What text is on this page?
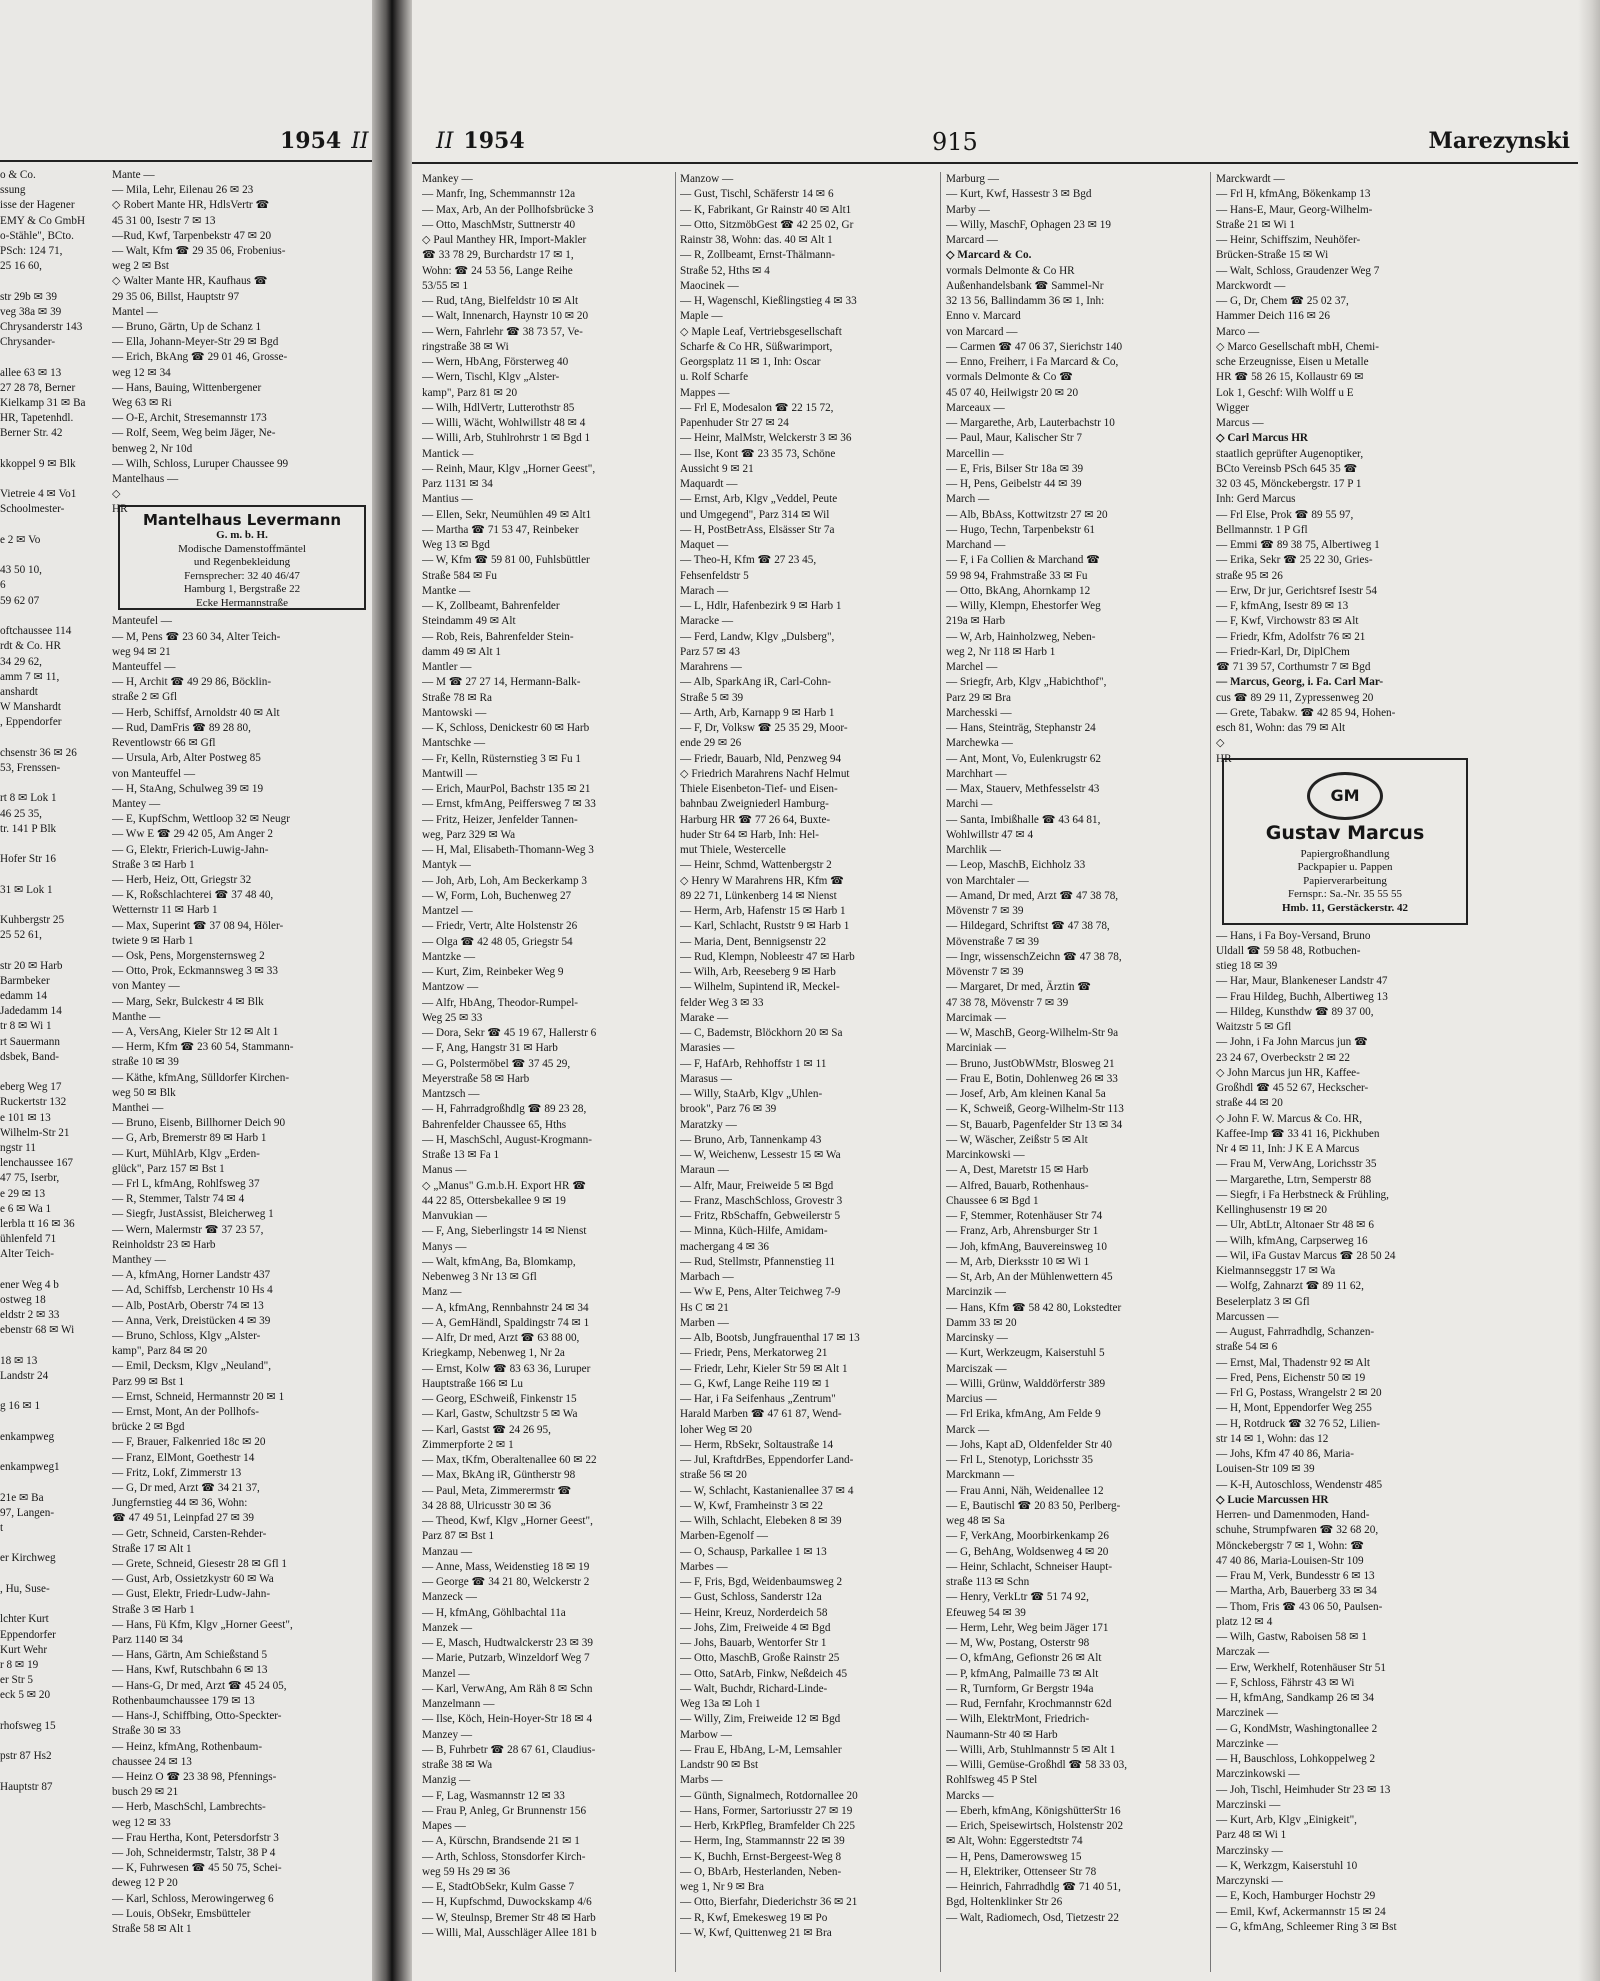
1954 II
o & Co.
ssung
isse der Hagener
EMY & Co GmbH
o-Stähle", BCto.
PSch: 124 71,
25 16 60,

str 29b ✉ 39
veg 38a ✉ 39
Chrysanderstr 143
Chrysander-

allee 63 ✉ 13
27 28 78, Berner
Kielkamp 31 ✉ Ba
HR, Tapetenhdl.
Berner Str. 42

kkoppel 9 ✉ Blk

Vietreie 4 ✉ Vo1
Schoolmester-

e 2 ✉ Vo

43 50 10,
6
59 62 07

oftchaussee 114
rdt & Co. HR
34 29 62,
amm 7 ✉ 11,
anshardt
W Manshardt
, Eppendorfer

chsenstr 36 ✉ 26
53, Frenssen-

rt 8 ✉ Lok 1
46 25 35,
tr. 141 P Blk

Hofer Str 16

31 ✉ Lok 1

Kuhbergstr 25
25 52 61,

str 20 ✉ Harb
Barmbeker
edamm 14
Jadedamm 14
tr 8 ✉ Wi 1
rt Sauermann
dsbek, Band-

eberg Weg 17
Ruckertstr 132
e 101 ✉ 13
Wilhelm-Str 21
ngstr 11
lenchaussee 167
47 75, Iserbr,
e 29 ✉ 13
e 6 ✉ Wa 1
lerbla tt 16 ✉ 36
ühlenfeld 71
Alter Teich-

ener Weg 4 b
ostweg 18
eldstr 2 ✉ 33
ebenstr 68 ✉ Wi

18 ✉ 13
Landstr 24

g 16 ✉ 1

enkampweg

enkampweg1

21e ✉ Ba
97, Langen-
t

er Kirchweg

, Hu, Suse-

lchter Kurt
Eppendorfer
Kurt Wehr
r 8 ✉ 19
er Str 5
eck 5 ✉ 20

rhofsweg 15

pstr 87 Hs2

Hauptstr 87
Mante —
— Mila, Lehr, Eilenau 26 ✉ 23
◇ Robert Mante HR, HdlsVertr ☎
45 31 00, Isestr 7 ✉ 13
—Rud, Kwf, Tarpenbekstr 47 ✉ 20
— Walt, Kfm ☎ 29 35 06, Frobenius-
weg 2 ✉ Bst
◇ Walter Mante HR, Kaufhaus ☎
29 35 06, Billst, Hauptstr 97
Mantel —
— Bruno, Gärtn, Up de Schanz 1
— Ella, Johann-Meyer-Str 29 ✉ Bgd
— Erich, BkAng ☎ 29 01 46, Grosse-
weg 12 ✉ 34
— Hans, Bauing, Wittenbergener
Weg 63 ✉ Ri
— O-E, Archit, Stresemannstr 173
— Rolf, Seem, Weg beim Jäger, Ne-
benweg 2, Nr 10d
— Wilh, Schloss, Luruper Chaussee 99
Mantelhaus —
◇
HR
Mantelhaus Levermann
G. m. b. H.
Modische Damenstoffmäntel
und Regenbekleidung
Fernsprecher: 32 40 46/47
Hamburg 1, Bergstraße 22
Ecke Hermannstraße
Manteufel —
— M, Pens ☎ 23 60 34, Alter Teich-
weg 94 ✉ 21
Manteuffel —
— H, Archit ☎ 49 29 86, Böcklin-
straße 2 ✉ Gfl
— Herb, Schiffsf, Arnoldstr 40 ✉ Alt
— Rud, DamFris ☎ 89 28 80,
Reventlowstr 66 ✉ Gfl
— Ursula, Arb, Alter Postweg 85
von Manteuffel —
— H, StaAng, Schulweg 39 ✉ 19
Mantey —
— E, KupfSchm, Wettloop 32 ✉ Neugr
— Ww E ☎ 29 42 05, Am Anger 2
— G, Elektr, Frierich-Luwig-Jahn-
Straße 3 ✉ Harb 1
— Herb, Heiz, Ott, Griegstr 32
— K, Roßschlachterei ☎ 37 48 40,
Wetternstr 11 ✉ Harb 1
— Max, Superint ☎ 37 08 94, Höler-
twiete 9 ✉ Harb 1
— Osk, Pens, Morgensternsweg 2
— Otto, Prok, Eckmannsweg 3 ✉ 33
von Mantey —
— Marg, Sekr, Bulckestr 4 ✉ Blk
Manthe —
— A, VersAng, Kieler Str 12 ✉ Alt 1
— Herm, Kfm ☎ 23 60 54, Stammann-
straße 10 ✉ 39
— Käthe, kfmAng, Sülldorfer Kirchen-
weg 50 ✉ Blk
Manthei —
— Bruno, Eisenb, Billhorner Deich 90
— G, Arb, Bremerstr 89 ✉ Harb 1
— Kurt, MühlArb, Klgv „Erden-
glück", Parz 157 ✉ Bst 1
— Frl L, kfmAng, Rohlfsweg 37
— R, Stemmer, Talstr 74 ✉ 4
— Siegfr, JustAssist, Bleicherweg 1
— Wern, Malermstr ☎ 37 23 57,
Reinholdstr 23 ✉ Harb
Manthey —
— A, kfmAng, Horner Landstr 437
— Ad, Schiffsb, Lerchenstr 10 Hs 4
— Alb, PostArb, Oberstr 74 ✉ 13
— Anna, Verk, Dreistücken 4 ✉ 39
— Bruno, Schloss, Klgv „Alster-
kamp", Parz 84 ✉ 20
— Emil, Decksm, Klgv „Neuland",
Parz 99 ✉ Bst 1
— Ernst, Schneid, Hermannstr 20 ✉ 1
— Ernst, Mont, An der Pollhofs-
brücke 2 ✉ Bgd
— F, Brauer, Falkenried 18c ✉ 20
— Franz, ElMont, Goethestr 14
— Fritz, Lokf, Zimmerstr 13
— G, Dr med, Arzt ☎ 34 21 37,
Jungfernstieg 44 ✉ 36, Wohn:
☎ 47 49 51, Leinpfad 27 ✉ 39
— Getr, Schneid, Carsten-Rehder-
Straße 17 ✉ Alt 1
— Grete, Schneid, Giesestr 28 ✉ Gfl 1
— Gust, Arb, Ossietzkystr 60 ✉ Wa
— Gust, Elektr, Friedr-Ludw-Jahn-
Straße 3 ✉ Harb 1
— Hans, Fü Kfm, Klgv „Horner Geest",
Parz 1140 ✉ 34
— Hans, Gärtn, Am Schießstand 5
— Hans, Kwf, Rutschbahn 6 ✉ 13
— Hans-G, Dr med, Arzt ☎ 45 24 05,
Rothenbaumchaussee 179 ✉ 13
— Hans-J, Schiffbing, Otto-Speckter-
Straße 30 ✉ 33
— Heinz, kfmAng, Rothenbaum-
chaussee 24 ✉ 13
— Heinz O ☎ 23 38 98, Pfennings-
busch 29 ✉ 21
— Herb, MaschSchl, Lambrechts-
weg 12 ✉ 33
— Frau Hertha, Kont, Petersdorfstr 3
— Joh, Schneidermstr, Talstr, 38 P 4
— K, Fuhrwesen ☎ 45 50 75, Schei-
deweg 12 P 20
— Karl, Schloss, Merowingerweg 6
— Louis, ObSekr, Emsbütteler
Straße 58 ✉ Alt 1
II 1954	915	Marezynski
Mankey —
— Manfr, Ing, Schemmannstr 12a
— Max, Arb, An der Pollhofsbrücke 3
— Otto, MaschMstr, Suttnerstr 40
◇ Paul Manthey HR, Import-Makler
☎ 33 78 29, Burchardstr 17 ✉ 1,
Wohn: ☎ 24 53 56, Lange Reihe
53/55 ✉ 1
— Rud, tAng, Bielfeldstr 10 ✉ Alt
— Walt, Innenarch, Haynstr 10 ✉ 20
— Wern, Fahrlehr ☎ 38 73 57, Ve-
ringstraße 38 ✉ Wi
— Wern, HbAng, Försterweg 40
— Wern, Tischl, Klgv „Alster-
kamp", Parz 81 ✉ 20
— Wilh, HdlVertr, Lutterothstr 85
— Willi, Wächt, Wohlwillstr 48 ✉ 4
— Willi, Arb, Stuhlrohrstr 1 ✉ Bgd 1
Mantick —
— Reinh, Maur, Klgv „Horner Geest",
Parz 1131 ✉ 34
Mantius —
— Ellen, Sekr, Neumühlen 49 ✉ Alt1
— Martha ☎ 71 53 47, Reinbeker
Weg 13 ✉ Bgd
— W, Kfm ☎ 59 81 00, Fuhlsbüttler
Straße 584 ✉ Fu
Mantke —
— K, Zollbeamt, Bahrenfelder
Steindamm 49 ✉ Alt
— Rob, Reis, Bahrenfelder Stein-
damm 49 ✉ Alt 1
Mantler —
— M ☎ 27 27 14, Hermann-Balk-
Straße 78 ✉ Ra
Mantowski —
— K, Schloss, Denickestr 60 ✉ Harb
Mantschke —
— Fr, Kelln, Rüsternstieg 3 ✉ Fu 1
Mantwill —
— Erich, MaurPol, Bachstr 135 ✉ 21
— Ernst, kfmAng, Peiffersweg 7 ✉ 33
— Fritz, Heizer, Jenfelder Tannen-
weg, Parz 329 ✉ Wa
— H, Mal, Elisabeth-Thomann-Weg 3
Mantyk —
— Joh, Arb, Loh, Am Beckerkamp 3
— W, Form, Loh, Buchenweg 27
Mantzel —
— Friedr, Vertr, Alte Holstenstr 26
— Olga ☎ 42 48 05, Griegstr 54
Mantzke —
— Kurt, Zim, Reinbeker Weg 9
Mantzow —
— Alfr, HbAng, Theodor-Rumpel-
Weg 25 ✉ 33
— Dora, Sekr ☎ 45 19 67, Hallerstr 6
— F, Ang, Hangstr 31 ✉ Harb
— G, Polstermöbel ☎ 37 45 29,
Meyerstraße 58 ✉ Harb
Mantzsch —
— H, Fahrradgroßhdlg ☎ 89 23 28,
Bahrenfelder Chaussee 65, Hths
— H, MaschSchl, August-Krogmann-
Straße 13 ✉ Fa 1
Manus —
◇ „Manus" G.m.b.H. Export HR ☎
44 22 85, Ottersbekallee 9 ✉ 19
Manvukian —
— F, Ang, Sieberlingstr 14 ✉ Nienst
Manys —
— Walt, kfmAng, Ba, Blomkamp,
Nebenweg 3 Nr 13 ✉ Gfl
Manz —
— A, kfmAng, Rennbahnstr 24 ✉ 34
— A, GemHändl, Spaldingstr 74 ✉ 1
— Alfr, Dr med, Arzt ☎ 63 88 00,
Kriegkamp, Nebenweg 1, Nr 2a
— Ernst, Kolw ☎ 83 63 36, Luruper
Hauptstraße 166 ✉ Lu
— Georg, ESchweiß, Finkenstr 15
— Karl, Gastw, Schultzstr 5 ✉ Wa
— Karl, Gastst ☎ 24 26 95,
Zimmerpforte 2 ✉ 1
— Max, tKfm, Oberaltenallee 60 ✉ 22
— Max, BkAng iR, Güntherstr 98
— Paul, Meta, Zimmerermstr ☎
34 28 88, Ulricusstr 30 ✉ 36
— Theod, Kwf, Klgv „Horner Geest",
Parz 87 ✉ Bst 1
Manzau —
— Anne, Mass, Weidenstieg 18 ✉ 19
— George ☎ 34 21 80, Welckerstr 2
Manzeck —
— H, kfmAng, Göhlbachtal 11a
Manzek —
— E, Masch, Hudtwalckerstr 23 ✉ 39
— Marie, Putzarb, Winzeldorf Weg 7
Manzel —
— Karl, VerwAng, Am Räh 8 ✉ Schn
Manzelmann —
— Ilse, Köch, Hein-Hoyer-Str 18 ✉ 4
Manzey —
— B, Fuhrbetr ☎ 28 67 61, Claudius-
straße 38 ✉ Wa
Manzig —
— F, Lag, Wasmannstr 12 ✉ 33
— Frau P, Anleg, Gr Brunnenstr 156
Mapes —
— A, Kürschn, Brandsende 21 ✉ 1
— Arth, Schloss, Stonsdorfer Kirch-
weg 59 Hs 29 ✉ 36
— E, StadtObSekr, Kulm Gasse 7
— H, Kupfschmd, Duwockskamp 4/6
— W, Steulnsp, Bremer Str 48 ✉ Harb
— Willi, Mal, Ausschläger Allee 181 b
Manzow —
— Gust, Tischl, Schäferstr 14 ✉ 6
— K, Fabrikant, Gr Rainstr 40 ✉ Alt1
— Otto, SitzmöbGest ☎ 42 25 02, Gr
Rainstr 38, Wohn: das. 40 ✉ Alt 1
— R, Zollbeamt, Ernst-Thälmann-
Straße 52, Hths ✉ 4
Maocinek —
— H, Wagenschl, Kießlingstieg 4 ✉ 33
Maple —
◇ Maple Leaf, Vertriebsgesellschaft
Scharfe & Co HR, Süßwarimport,
Georgsplatz 11 ✉ 1, Inh: Oscar
u. Rolf Scharfe
Mappes —
— Frl E, Modesalon ☎ 22 15 72,
Papenhuder Str 27 ✉ 24
— Heinr, MalMstr, Welckerstr 3 ✉ 36
— Ilse, Kont ☎ 23 35 73, Schöne
Aussicht 9 ✉ 21
Maquardt —
— Ernst, Arb, Klgv „Veddel, Peute
und Umgegend", Parz 314 ✉ Wil
— H, PostBetrAss, Elsässer Str 7a
Maquet —
— Theo-H, Kfm ☎ 27 23 45,
Fehsenfeldstr 5
Marach —
— L, Hdlr, Hafenbezirk 9 ✉ Harb 1
Maracke —
— Ferd, Landw, Klgv „Dulsberg",
Parz 57 ✉ 43
Marahrens —
— Alb, SparkAng iR, Carl-Cohn-
Straße 5 ✉ 39
— Arth, Arb, Karnapp 9 ✉ Harb 1
— F, Dr, Volksw ☎ 25 35 29, Moor-
ende 29 ✉ 26
— Friedr, Bauarb, Nld, Penzweg 94
◇ Friedrich Marahrens Nachf Helmut
Thiele Eisenbeton-Tief- und Eisen-
bahnbau Zweigniederl Hamburg-
Harburg HR ☎ 77 26 64, Buxte-
huder Str 64 ✉ Harb, Inh: Hel-
mut Thiele, Westercelle
— Heinr, Schmd, Wattenbergstr 2
◇ Henry W Marahrens HR, Kfm ☎
89 22 71, Lünkenberg 14 ✉ Nienst
— Herm, Arb, Hafenstr 15 ✉ Harb 1
— Karl, Schlacht, Ruststr 9 ✉ Harb 1
— Maria, Dent, Bennigsenstr 22
— Rud, Klempn, Nobleestr 47 ✉ Harb
— Wilh, Arb, Reeseberg 9 ✉ Harb
— Wilhelm, Supintend iR, Meckel-
felder Weg 3 ✉ 33
Marake —
— C, Bademstr, Blöckhorn 20 ✉ Sa
Marasies —
— F, HafArb, Rehhoffstr 1 ✉ 11
Marasus —
— Willy, StaArb, Klgv „Uhlen-
brook", Parz 76 ✉ 39
Maratzky —
— Bruno, Arb, Tannenkamp 43
— W, Weichenw, Lessestr 15 ✉ Wa
Maraun —
— Alfr, Maur, Freiweide 5 ✉ Bgd
— Franz, MaschSchloss, Grovestr 3
— Fritz, RbSchaffn, Gebweilerstr 5
— Minna, Küch-Hilfe, Amidam-
machergang 4 ✉ 36
— Rud, Stellmstr, Pfannenstieg 11
Marbach —
— Ww E, Pens, Alter Teichweg 7-9
Hs C ✉ 21
Marben —
— Alb, Bootsb, Jungfrauenthal 17 ✉ 13
— Friedr, Pens, Merkatorweg 21
— Friedr, Lehr, Kieler Str 59 ✉ Alt 1
— G, Kwf, Lange Reihe 119 ✉ 1
— Har, i Fa Seifenhaus „Zentrum"
Harald Marben ☎ 47 61 87, Wend-
loher Weg ✉ 20
— Herm, RbSekr, Soltaustraße 14
— Jul, KraftdrBes, Eppendorfer Land-
straße 56 ✉ 20
— W, Schlacht, Kastanienallee 37 ✉ 4
— W, Kwf, Framheinstr 3 ✉ 22
— Wilh, Schlacht, Elebeken 8 ✉ 39
Marben-Egenolf —
— O, Schausp, Parkallee 1 ✉ 13
Marbes —
— F, Fris, Bgd, Weidenbaumsweg 2
— Gust, Schloss, Sanderstr 12a
— Heinr, Kreuz, Norderdeich 58
— Johs, Zim, Freiweide 4 ✉ Bgd
— Johs, Bauarb, Wentorfer Str 1
— Otto, MaschB, Große Rainstr 25
— Otto, SatArb, Finkw, Neßdeich 45
— Walt, Buchdr, Richard-Linde-
Weg 13a ✉ Loh 1
— Willy, Zim, Freiweide 12 ✉ Bgd
Marbow —
— Frau E, HbAng, L-M, Lemsahler
Landstr 90 ✉ Bst
Marbs —
— Günth, Signalmech, Rotdornallee 20
— Hans, Former, Sartoriusstr 27 ✉ 19
— Herb, KrkPfleg, Bramfelder Ch 225
— Herm, Ing, Stammannstr 22 ✉ 39
— K, Buchh, Ernst-Bergeest-Weg 8
— O, BbArb, Hesterlanden, Neben-
weg 1, Nr 9 ✉ Bra
— Otto, Bierfahr, Diederichstr 36 ✉ 21
— R, Kwf, Emekesweg 19 ✉ Po
— W, Kwf, Quittenweg 21 ✉ Bra
Marburg —
— Kurt, Kwf, Hassestr 3 ✉ Bgd
Marby —
— Willy, MaschF, Ophagen 23 ✉ 19
Marcard —
◇ Marcard & Co.
vormals Delmonte & Co HR
Außenhandelsbank ☎ Sammel-Nr
32 13 56, Ballindamm 36 ✉ 1, Inh:
Enno v. Marcard
von Marcard —
— Carmen ☎ 47 06 37, Sierichstr 140
— Enno, Freiherr, i Fa Marcard & Co,
vormals Delmonte & Co ☎
45 07 40, Heilwigstr 20 ✉ 20
Marceaux —
— Margarethe, Arb, Lauterbachstr 10
— Paul, Maur, Kalischer Str 7
Marcellin —
— E, Fris, Bilser Str 18a ✉ 39
— H, Pens, Geibelstr 44 ✉ 39
March —
— Alb, BbAss, Kottwitzstr 27 ✉ 20
— Hugo, Techn, Tarpenbekstr 61
Marchand —
— F, i Fa Collien & Marchand ☎
59 98 94, Frahmstraße 33 ✉ Fu
— Otto, BkAng, Ahornkamp 12
— Willy, Klempn, Ehestorfer Weg
219a ✉ Harb
— W, Arb, Hainholzweg, Neben-
weg 2, Nr 118 ✉ Harb 1
Marchel —
— Sriegfr, Arb, Klgv „Habichthof",
Parz 29 ✉ Bra
Marchesski —
— Hans, Steinträg, Stephanstr 24
Marchewka —
— Ant, Mont, Vo, Eulenkrugstr 62
Marchhart —
— Max, Stauerv, Methfesselstr 43
Marchi —
— Santa, Imbißhalle ☎ 43 64 81,
Wohlwillstr 47 ✉ 4
Marchlik —
— Leop, MaschB, Eichholz 33
von Marchtaler —
— Amand, Dr med, Arzt ☎ 47 38 78,
Mövenstr 7 ✉ 39
— Hildegard, Schriftst ☎ 47 38 78,
Mövenstraße 7 ✉ 39
— Ingr, wissenschZeichn ☎ 47 38 78,
Mövenstr 7 ✉ 39
— Margaret, Dr med, Ärztin ☎
47 38 78, Mövenstr 7 ✉ 39
Marcimak —
— W, MaschB, Georg-Wilhelm-Str 9a
Marciniak —
— Bruno, JustObWMstr, Blosweg 21
— Frau E, Botin, Dohlenweg 26 ✉ 33
— Josef, Arb, Am kleinen Kanal 5a
— K, Schweiß, Georg-Wilhelm-Str 113
— St, Bauarb, Pagenfelder Str 13 ✉ 34
— W, Wäscher, Zeißstr 5 ✉ Alt
Marcinkowski —
— A, Dest, Maretstr 15 ✉ Harb
— Alfred, Bauarb, Rothenhaus-
Chaussee 6 ✉ Bgd 1
— F, Stemmer, Rotenhäuser Str 74
— Franz, Arb, Ahrensburger Str 1
— Joh, kfmAng, Bauvereinsweg 10
— M, Arb, Dierksstr 10 ✉ Wi 1
— St, Arb, An der Mühlenwettern 45
Marcinzik —
— Hans, Kfm ☎ 58 42 80, Lokstedter
Damm 33 ✉ 20
Marcinsky —
— Kurt, Werkzeugm, Kaiserstuhl 5
Marciszak —
— Willi, Grünw, Walddörferstr 389
Marcius —
— Frl Erika, kfmAng, Am Felde 9
Marck —
— Johs, Kapt aD, Oldenfelder Str 40
— Frl L, Stenotyp, Lorichsstr 35
Marckmann —
— Frau Anni, Näh, Weidenallee 12
— E, Bautischl ☎ 20 83 50, Perlberg-
weg 48 ✉ Sa
— F, VerkAng, Moorbirkenkamp 26
— G, BehAng, Woldsenweg 4 ✉ 20
— Heinr, Schlacht, Schneiser Haupt-
straße 113 ✉ Schn
— Henry, VerkLtr ☎ 51 74 92,
Efeuweg 54 ✉ 39
— Herm, Lehr, Weg beim Jäger 171
— M, Ww, Postang, Osterstr 98
— O, kfmAng, Gefionstr 26 ✉ Alt
— P, kfmAng, Palmaille 73 ✉ Alt
— R, Turnform, Gr Bergstr 194a
— Rud, Fernfahr, Krochmannstr 62d
— Wilh, ElektrMont, Friedrich-
Naumann-Str 40 ✉ Harb
— Willi, Arb, Stuhlmannstr 5 ✉ Alt 1
— Willi, Gemüse-Großhdl ☎ 58 33 03,
Rohlfsweg 45 P Stel
Marcks —
— Eberh, kfmAng, KönigshütterStr 16
— Erich, Speisewirtsch, Holstenstr 202
✉ Alt, Wohn: Eggerstedtstr 74
— H, Pens, Damerowsweg 15
— H, Elektriker, Ottenseer Str 78
— Heinrich, Fahrradhdlg ☎ 71 40 51,
Bgd, Holtenklinker Str 26
— Walt, Radiomech, Osd, Tietzestr 22
Marckwardt —
— Frl H, kfmAng, Bökenkamp 13
— Hans-E, Maur, Georg-Wilhelm-
Straße 21 ✉ Wi 1
— Heinr, Schiffszim, Neuhöfer-
Brücken-Straße 15 ✉ Wi
— Walt, Schloss, Graudenzer Weg 7
Marckwordt —
— G, Dr, Chem ☎ 25 02 37,
Hammer Deich 116 ✉ 26
Marco —
◇ Marco Gesellschaft mbH, Chemi-
sche Erzeugnisse, Eisen u Metalle
HR ☎ 58 26 15, Kollaustr 69 ✉
Lok 1, Geschf: Wilh Wolff u E
Wigger
Marcus —
◇ Carl Marcus HR
staatlich geprüfter Augenoptiker,
BCto Vereinsb PSch 645 35 ☎
32 03 45, Mönckebergstr. 17 P 1
Inh: Gerd Marcus
— Frl Else, Prok ☎ 89 55 97,
Bellmannstr. 1 P Gfl
— Emmi ☎ 89 38 75, Albertiweg 1
— Erika, Sekr ☎ 25 22 30, Gries-
straße 95 ✉ 26
— Erw, Dr jur, Gerichtsref Isestr 54
— F, kfmAng, Isestr 89 ✉ 13
— F, Kwf, Virchowstr 83 ✉ Alt
— Friedr, Kfm, Adolfstr 76 ✉ 21
— Friedr-Karl, Dr, DiplChem
☎ 71 39 57, Corthumstr 7 ✉ Bgd
— Marcus, Georg, i. Fa. Carl Mar-
cus ☎ 89 29 11, Zypressenweg 20
— Grete, Tabakw. ☎ 42 85 94, Hohen-
esch 81, Wohn: das 79 ✉ Alt
◇
HR
GM
Gustav Marcus
Papiergroßhandlung
Packpapier u. Pappen
Papierverarbeitung
Fernspr.: Sa.-Nr. 35 55 55
Hmb. 11, Gerstäckerstr. 42
— Hans, i Fa Boy-Versand, Bruno
Uldall ☎ 59 58 48, Rotbuchen-
stieg 18 ✉ 39
— Har, Maur, Blankeneser Landstr 47
— Frau Hildeg, Buchh, Albertiweg 13
— Hildeg, Kunsthdw ☎ 89 37 00,
Waitzstr 5 ✉ Gfl
— John, i Fa John Marcus jun ☎
23 24 67, Overbeckstr 2 ✉ 22
◇ John Marcus jun HR, Kaffee-
Großhdl ☎ 45 52 67, Heckscher-
straße 44 ✉ 20
◇ John F. W. Marcus & Co. HR,
Kaffee-Imp ☎ 33 41 16, Pickhuben
Nr 4 ✉ 11, Inh: J K E A Marcus
— Frau M, VerwAng, Lorichsstr 35
— Margarethe, Ltrn, Semperstr 88
— Siegfr, i Fa Herbstneck & Frühling,
Kellinghusenstr 19 ✉ 20
— Ulr, AbtLtr, Altonaer Str 48 ✉ 6
— Wilh, kfmAng, Carpserweg 16
— Wil, iFa Gustav Marcus ☎ 28 50 24
Kielmannseggstr 17 ✉ Wa
— Wolfg, Zahnarzt ☎ 89 11 62,
Beselerplatz 3 ✉ Gfl
Marcussen —
— August, Fahrradhdlg, Schanzen-
straße 54 ✉ 6
— Ernst, Mal, Thadenstr 92 ✉ Alt
— Fred, Pens, Eichenstr 50 ✉ 19
— Frl G, Postass, Wrangelstr 2 ✉ 20
— H, Mont, Eppendorfer Weg 255
— H, Rotdruck ☎ 32 76 52, Lilien-
str 14 ✉ 1, Wohn: das 12
— Johs, Kfm 47 40 86, Maria-
Louisen-Str 109 ✉ 39
— K-H, Autoschloss, Wendenstr 485
◇ Lucie Marcussen HR
Herren- und Damenmoden, Hand-
schuhe, Strumpfwaren ☎ 32 68 20,
Mönckebergstr 7 ✉ 1, Wohn: ☎
47 40 86, Maria-Louisen-Str 109
— Frau M, Verk, Bundesstr 6 ✉ 13
— Martha, Arb, Bauerberg 33 ✉ 34
— Thom, Fris ☎ 43 06 50, Paulsen-
platz 12 ✉ 4
— Wilh, Gastw, Raboisen 58 ✉ 1
Marczak —
— Erw, Werkhelf, Rotenhäuser Str 51
— F, Schloss, Fährstr 43 ✉ Wi
— H, kfmAng, Sandkamp 26 ✉ 34
Marczinek —
— G, KondMstr, Washingtonallee 2
Marczinke —
— H, Bauschloss, Lohkoppelweg 2
Marczinkowski —
— Joh, Tischl, Heimhuder Str 23 ✉ 13
Marczinski —
— Kurt, Arb, Klgv „Einigkeit",
Parz 48 ✉ Wi 1
Marczinsky —
— K, Werkzgm, Kaiserstuhl 10
Marczynski —
— E, Koch, Hamburger Hochstr 29
— Emil, Kwf, Ackermannstr 15 ✉ 24
— G, kfmAng, Schleemer Ring 3 ✉ Bst
